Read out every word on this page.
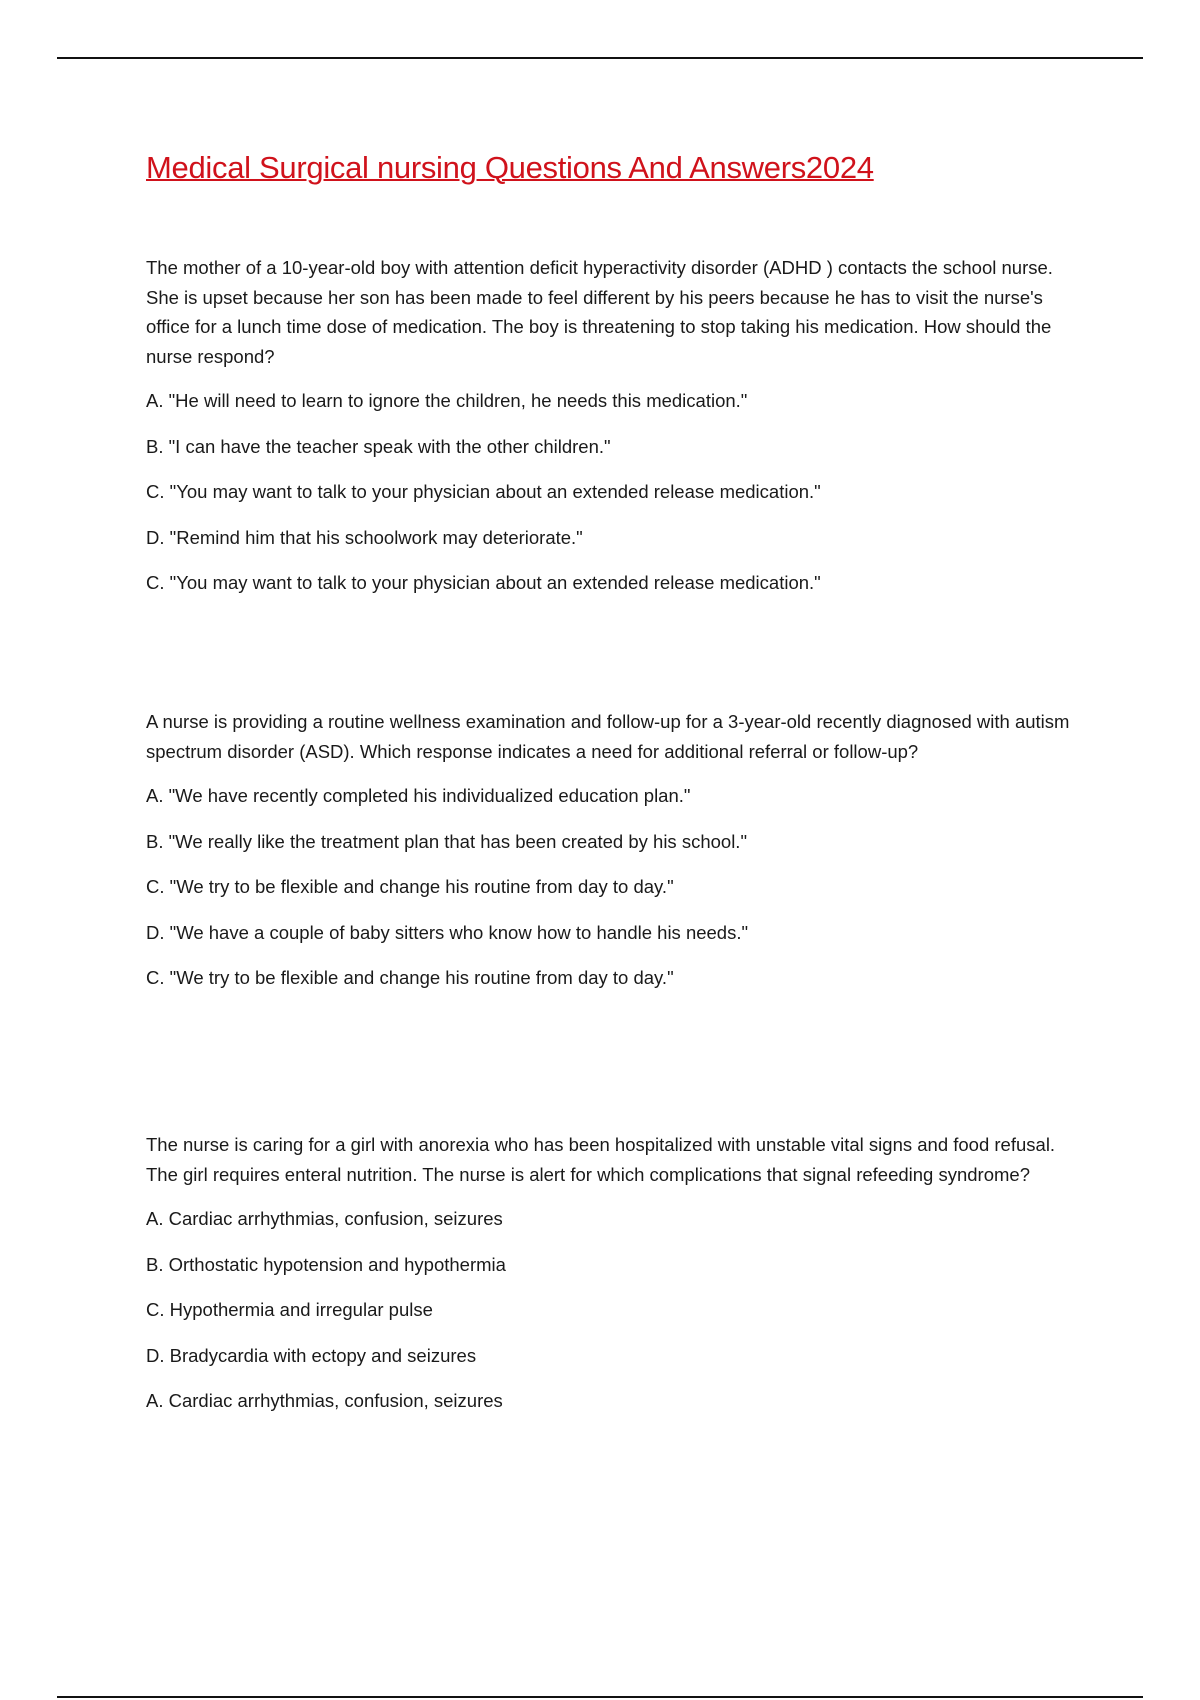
Medical Surgical nursing Questions And Answers2024

The mother of a 10-year-old boy with attention deficit hyperactivity disorder (ADHD ) contacts the school nurse. She is upset because her son has been made to feel different by his peers because he has to visit the nurse's office for a lunch time dose of medication. The boy is threatening to stop taking his medication. How should the nurse respond?

A. "He will need to learn to ignore the children, he needs this medication."

B. "I can have the teacher speak with the other children."

C. "You may want to talk to your physician about an extended release medication."

D. "Remind him that his schoolwork may deteriorate."

C. "You may want to talk to your physician about an extended release medication."

A nurse is providing a routine wellness examination and follow-up for a 3-year-old recently diagnosed with autism spectrum disorder (ASD). Which response indicates a need for additional referral or follow-up?

A. "We have recently completed his individualized education plan."

B. "We really like the treatment plan that has been created by his school."

C. "We try to be flexible and change his routine from day to day."

D. "We have a couple of baby sitters who know how to handle his needs."

C. "We try to be flexible and change his routine from day to day."

The nurse is caring for a girl with anorexia who has been hospitalized with unstable vital signs and food refusal. The girl requires enteral nutrition. The nurse is alert for which complications that signal refeeding syndrome?

A. Cardiac arrhythmias, confusion, seizures

B. Orthostatic hypotension and hypothermia

C. Hypothermia and irregular pulse

D. Bradycardia with ectopy and seizures

A. Cardiac arrhythmias, confusion, seizures
